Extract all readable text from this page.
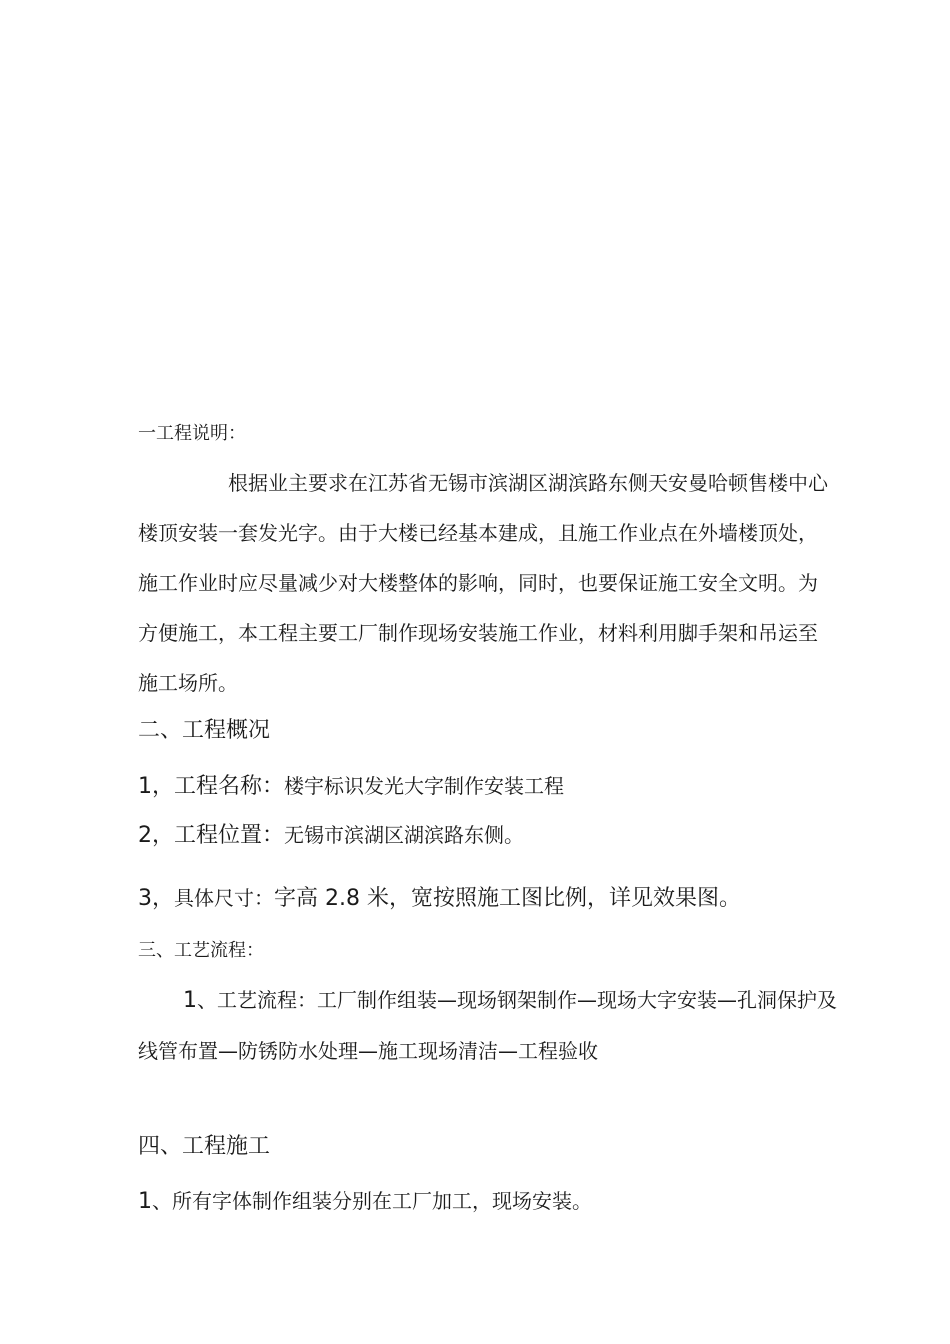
一工程说明：
根据业主要求在江苏省无锡市滨湖区湖滨路东侧天安曼哈顿售楼中心
楼顶安装一套发光字。由于大楼已经基本建成，且施工作业点在外墙楼顶处，
施工作业时应尽量减少对大楼整体的影响，同时，也要保证施工安全文明。为
方便施工，本工程主要工厂制作现场安装施工作业，材料利用脚手架和吊运至
施工场所。
二、工程概况
1，工程名称：楼宇标识发光大字制作安装工程
2，工程位置：无锡市滨湖区湖滨路东侧。
3，具体尺寸：字高 2.8 米，宽按照施工图比例，详见效果图。
三、工艺流程：
1、工艺流程：工厂制作组装—现场钢架制作—现场大字安装—孔洞保护及
线管布置—防锈防水处理—施工现场清洁—工程验收
四、工程施工
1、所有字体制作组装分别在工厂加工，现场安装。
